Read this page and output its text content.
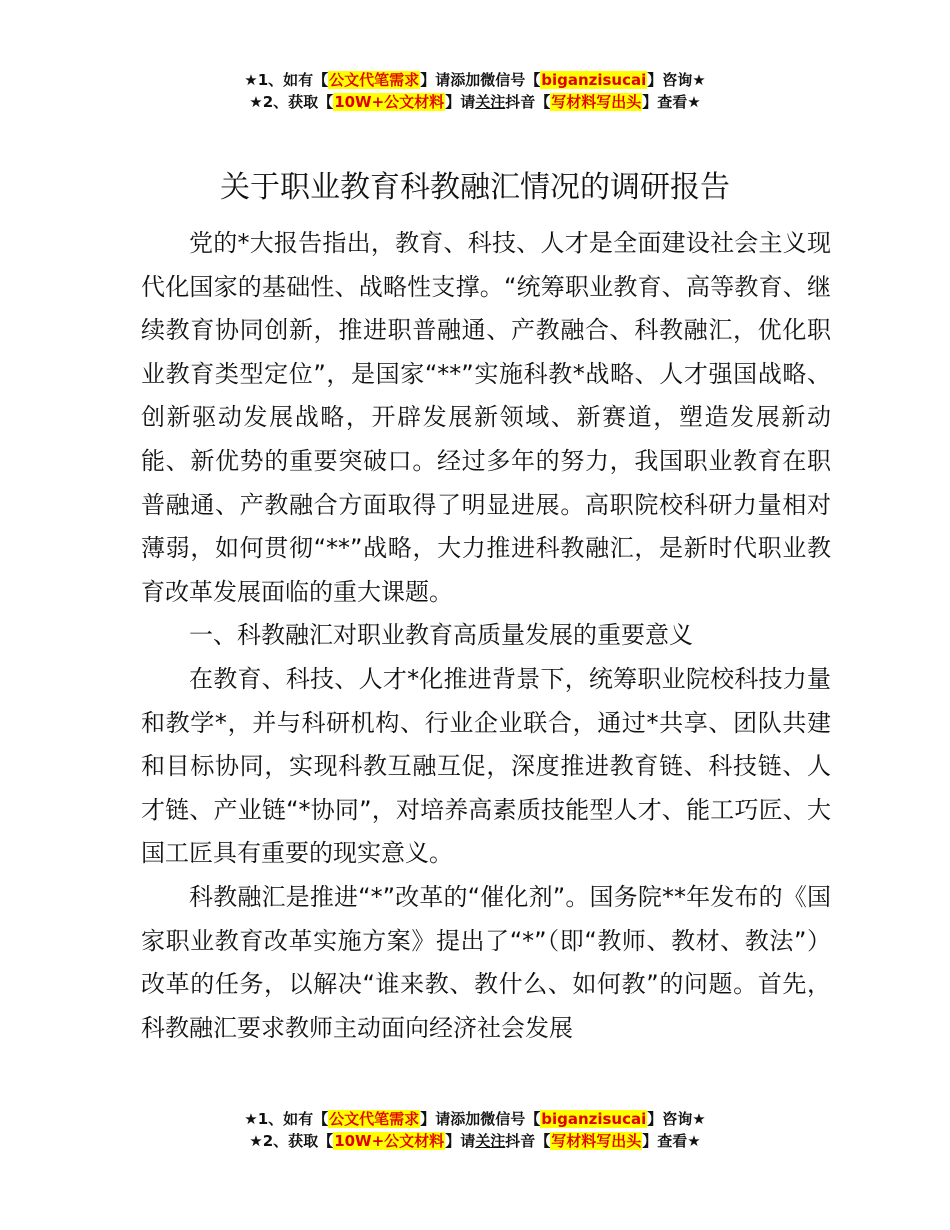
★1、如有【公文代笔需求】请添加微信号【biganzisucai】咨询★
★2、获取【10W+公文材料】请关注抖音【写材料写出头】查看★
关于职业教育科教融汇情况的调研报告

党的*大报告指出，教育、科技、人才是全面建设社会主义现代化国家的基础性、战略性支撑。“统筹职业教育、高等教育、继续教育协同创新，推进职普融通、产教融合、科教融汇，优化职业教育类型定位”，是国家“**”实施科教*战略、人才强国战略、创新驱动发展战略，开辟发展新领域、新赛道，塑造发展新动能、新优势的重要突破口。经过多年的努力，我国职业教育在职普融通、产教融合方面取得了明显进展。高职院校科研力量相对薄弱，如何贯彻“**”战略，大力推进科教融汇，是新时代职业教育改革发展面临的重大课题。

一、科教融汇对职业教育高质量发展的重要意义

在教育、科技、人才*化推进背景下，统筹职业院校科技力量和教学*，并与科研机构、行业企业联合，通过*共享、团队共建和目标协同，实现科教互融互促，深度推进教育链、科技链、人才链、产业链“*协同”，对培养高素质技能型人才、能工巧匠、大国工匠具有重要的现实意义。

科教融汇是推进“*”改革的“催化剂”。国务院**年发布的《国家职业教育改革实施方案》提出了“*”（即“教师、教材、教法”）改革的任务，以解决“谁来教、教什么、如何教”的问题。首先，科教融汇要求教师主动面向经济社会发展

★1、如有【公文代笔需求】请添加微信号【biganzisucai】咨询★
★2、获取【10W+公文材料】请关注抖音【写材料写出头】查看★
